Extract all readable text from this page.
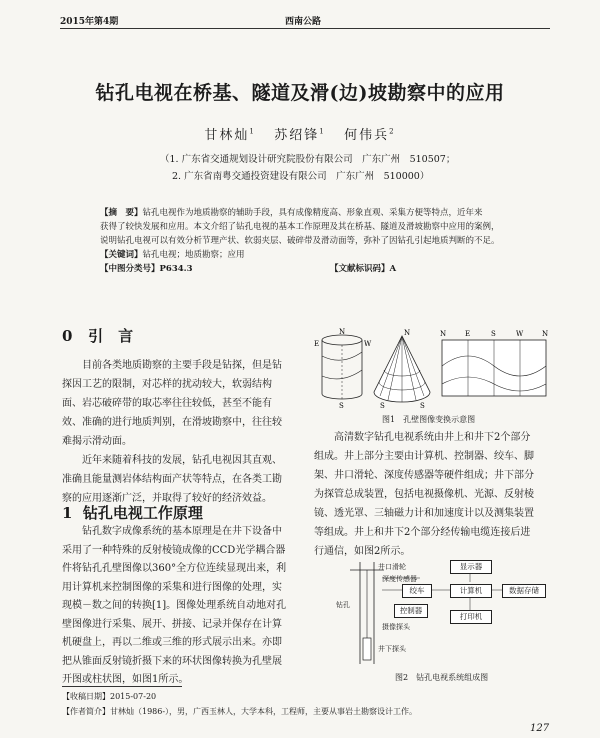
2015年第4期	西南公路
钻孔电视在桥基、隧道及滑(边)坡勘察中的应用
甘林灿$^1$ 苏绍锋$^1$ 何伟兵$^2$
（1. 广东省交通规划设计研究院股份有限公司　广东广州　510507；
2. 广东省南粤交通投资建设有限公司　广东广州　510000）
【摘　要】钻孔电视作为地质勘察的辅助手段，具有成像精度高、形象直观、采集方便等特点，近年来
获得了较快发展和应用。本文介绍了钻孔电视的基本工作原理及其在桥基、隧道及滑坡勘察中应用的案例，
说明钻孔电视可以有效分析节理产状、软弱夹层、破碎带及滑动面等，弥补了因钻孔引起地质判断的不足。
【关键词】钻孔电视；地质勘察；应用
【中图分类号】P634.3	【文献标识码】A
0 引　言
　　目前各类地质勘察的主要手段是钻探，但是钻
探因工艺的限制，对芯样的扰动较大，软弱结构
面、岩芯破碎带的取芯率往往较低，甚至不能有
效、准确的进行地质判别，在滑坡勘察中，往往较
难揭示滑动面。
　　近年来随着科技的发展，钻孔电视因其直观、
准确且能量测岩体结构面产状等特点，在各类工勘
察的应用逐渐广泛，并取得了较好的经济效益。
1 钻孔电视工作原理
　　钻孔数字成像系统的基本原理是在井下设备中
采用了一种特殊的反射棱镜成像的CCD光学耦合器
件将钻孔孔壁图像以360°全方位连续显现出来，利
用计算机来控制图像的采集和进行图像的处理，实
现模－数之间的转换[1]。图像处理系统自动地对孔
壁图像进行采集、展开、拼接、记录并保存在计算
机硬盘上，再以二维或三维的形式展示出来。亦即
把从锥面反射镜折摄下来的环状图像转换为孔壁展
开图或柱状图，如图1所示。
N
E	W
S
N
S	S
N	E	S	W	N
图1　孔壁图像变换示意图
　　高清数字钻孔电视系统由井上和井下2个部分
组成。井上部分主要由计算机、控制器、绞车、脚
架、井口滑轮、深度传感器等硬件组成；井下部分
为探管总成装置，包括电视摄像机、光源、反射棱
镜、透光罩、三轴磁力计和加速度计以及测集装置
等组成。井上和井下2个部分经传输电缆连接后进
行通信，如图2所示。
井口滑轮
深度传感器
绞车
显示器
计算机	数据存储
打印机
控制器
摄像探头
钻孔
井下探头
图2　钻孔电视系统组成图
【收稿日期】2015-07-20
【作者简介】甘林灿（1986-），男，广西玉林人，大学本科，工程师，主要从事岩土勘察设计工作。
127
